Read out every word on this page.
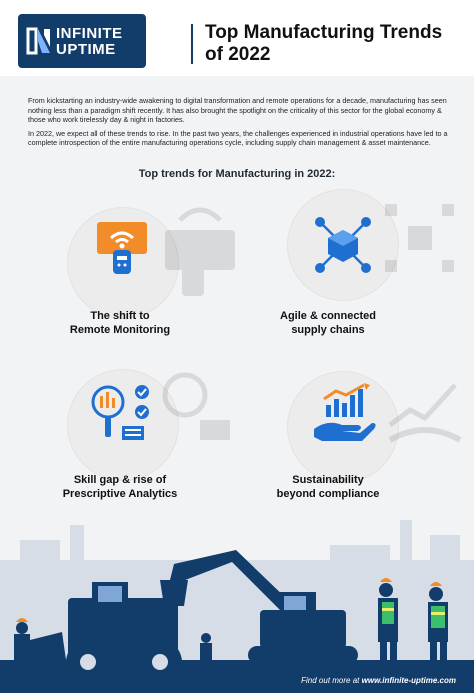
INFINITE
UPTIME
Top Manufacturing Trends
of 2022

From kickstarting an industry-wide awakening to digital transformation and remote operations for a decade, manufacturing has seen nothing less than a paradigm shift recently. It has also brought the spotlight on the criticality of this sector for the global economy & those who work tirelessly day & night in factories.

In 2022, we expect all of these trends to rise. In the past two years, the challenges experienced in industrial operations have led to a complete introspection of the entire manufacturing operations cycle, including supply chain management & asset maintenance.

Top trends for Manufacturing in 2022:
The shift to
Remote Monitoring
Agile & connected
supply chains
Skill gap & rise of
Prescriptive Analytics
Sustainability
beyond compliance
Find out more at www.infinite-uptime.com
